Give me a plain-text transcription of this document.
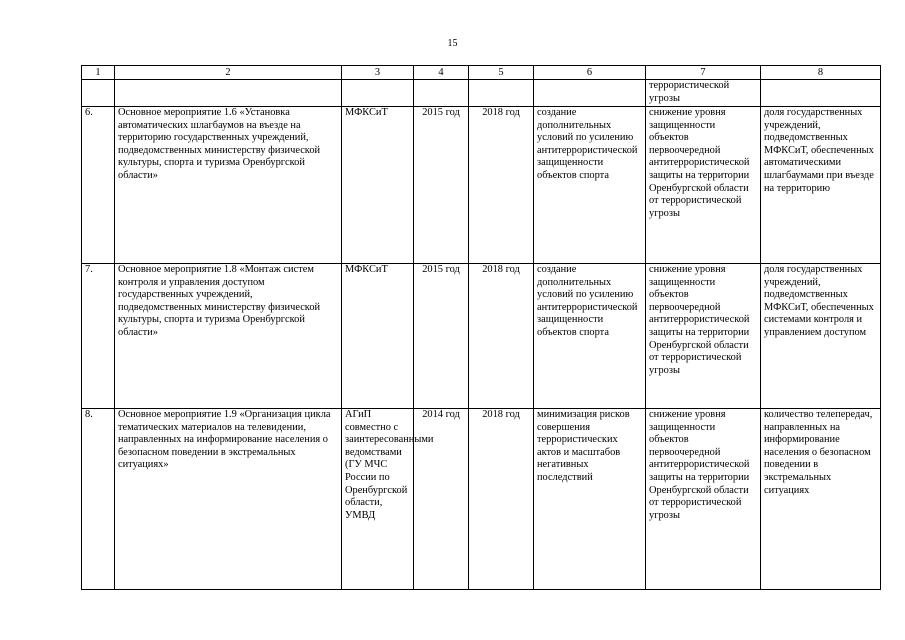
15
1	2	3	4	5	6	7	8
						террористической угрозы	
6.	Основное мероприятие 1.6 «Установка автоматических шлагбаумов на въезде на территорию государственных учреждений, подведомственных министерству физической культуры, спорта и туризма Оренбургской области»	МФКСиТ	2015 год	2018 год	создание дополнительных условий по усилению антитеррористической защищенности объектов спорта	снижение уровня защищенности объектов первоочередной антитеррористической защиты на территории Оренбургской области от террористической угрозы	доля государственных учреждений, подведомственных МФКСиТ, обеспеченных автоматическими шлагбаумами при въезде на территорию
7.	Основное мероприятие 1.8 «Монтаж систем контроля и управления доступом государственных учреждений, подведомственных министерству физической культуры, спорта и туризма Оренбургской области»	МФКСиТ	2015 год	2018 год	создание дополнительных условий по усилению антитеррористической защищенности объектов спорта	снижение уровня защищенности объектов первоочередной антитеррористической защиты на территории Оренбургской области от террористической угрозы	доля государственных учреждений, подведомственных МФКСиТ, обеспеченных системами контроля и управлением доступом
8.	Основное мероприятие 1.9 «Организация цикла тематических материалов на телевидении, направленных на информирование населения о безопасном поведении в экстремальных ситуациях»	АГиП совместно с заинтересованными ведомствами (ГУ МЧС России по Оренбургской области, УМВД	2014 год	2018 год	минимизация рисков совершения террористических актов и масштабов негативных последствий	снижение уровня защищенности объектов первоочередной антитеррористической защиты на территории Оренбургской области от террористической угрозы	количество телепередач, направленных на информирование населения о безопасном поведении в экстремальных ситуациях
